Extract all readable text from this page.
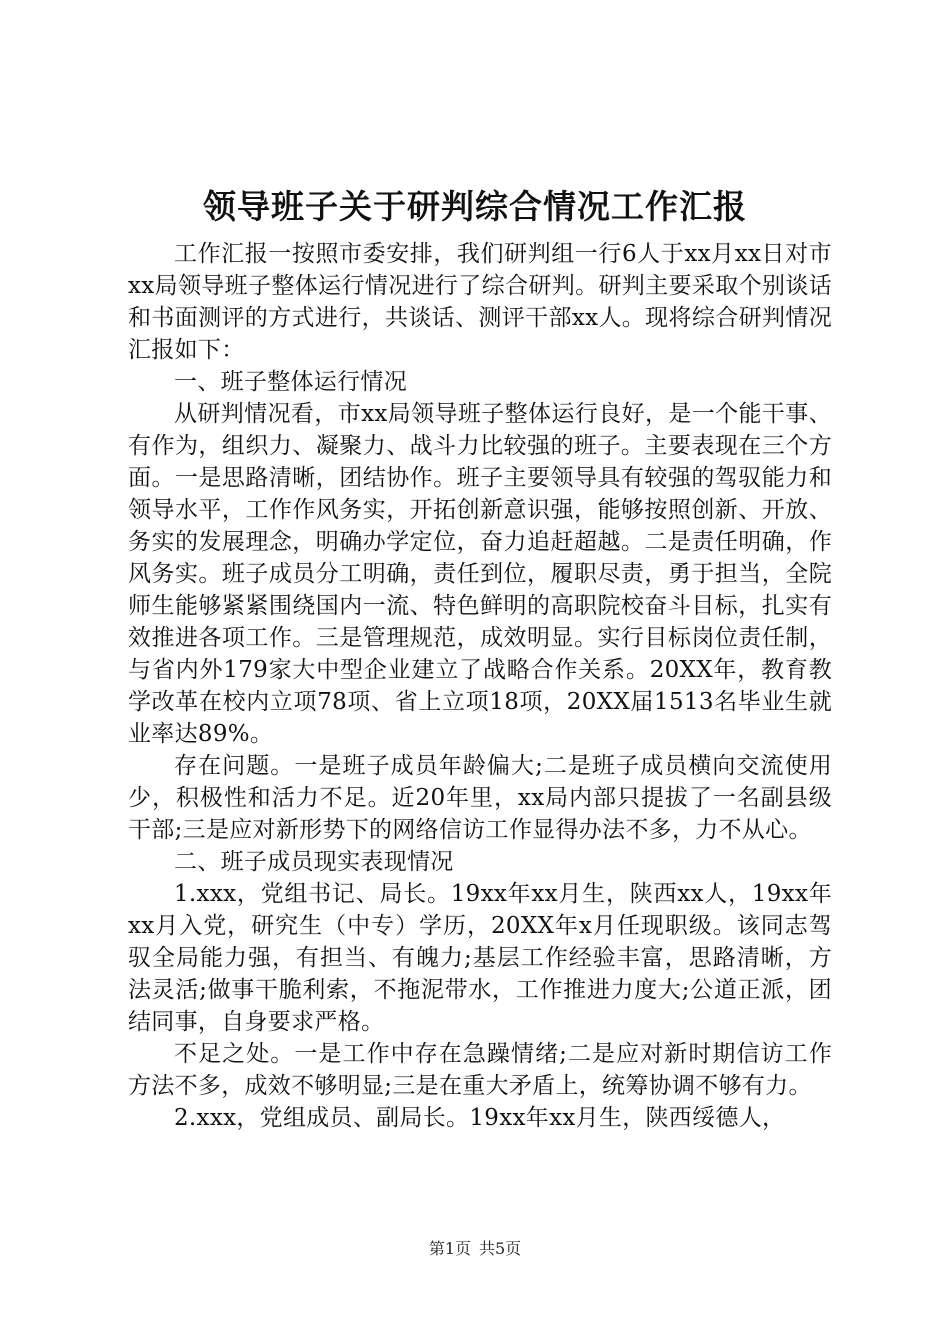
领导班子关于研判综合情况工作汇报

工作汇报一按照市委安排，我们研判组一行6人于xx月xx日对市xx局领导班子整体运行情况进行了综合研判。研判主要采取个别谈话和书面测评的方式进行，共谈话、测评干部xx人。现将综合研判情况汇报如下：

一、班子整体运行情况

从研判情况看，市xx局领导班子整体运行良好，是一个能干事、有作为，组织力、凝聚力、战斗力比较强的班子。主要表现在三个方面。一是思路清晰，团结协作。班子主要领导具有较强的驾驭能力和领导水平，工作作风务实，开拓创新意识强，能够按照创新、开放、务实的发展理念，明确办学定位，奋力追赶超越。二是责任明确，作风务实。班子成员分工明确，责任到位，履职尽责，勇于担当，全院师生能够紧紧围绕国内一流、特色鲜明的高职院校奋斗目标，扎实有效推进各项工作。三是管理规范，成效明显。实行目标岗位责任制，与省内外179家大中型企业建立了战略合作关系。20XX年，教育教学改革在校内立项78项、省上立项18项，20XX届1513名毕业生就业率达89%。

存在问题。一是班子成员年龄偏大;二是班子成员横向交流使用少，积极性和活力不足。近20年里，xx局内部只提拔了一名副县级干部;三是应对新形势下的网络信访工作显得办法不多，力不从心。

二、班子成员现实表现情况

1.xxx，党组书记、局长。19xx年xx月生，陕西xx人，19xx年xx月入党，研究生（中专）学历，20XX年x月任现职级。该同志驾驭全局能力强，有担当、有魄力;基层工作经验丰富，思路清晰，方法灵活;做事干脆利索，不拖泥带水，工作推进力度大;公道正派，团结同事，自身要求严格。

不足之处。一是工作中存在急躁情绪;二是应对新时期信访工作方法不多，成效不够明显;三是在重大矛盾上，统筹协调不够有力。

2.xxx，党组成员、副局长。19xx年xx月生，陕西绥德人，

第1页 共5页
